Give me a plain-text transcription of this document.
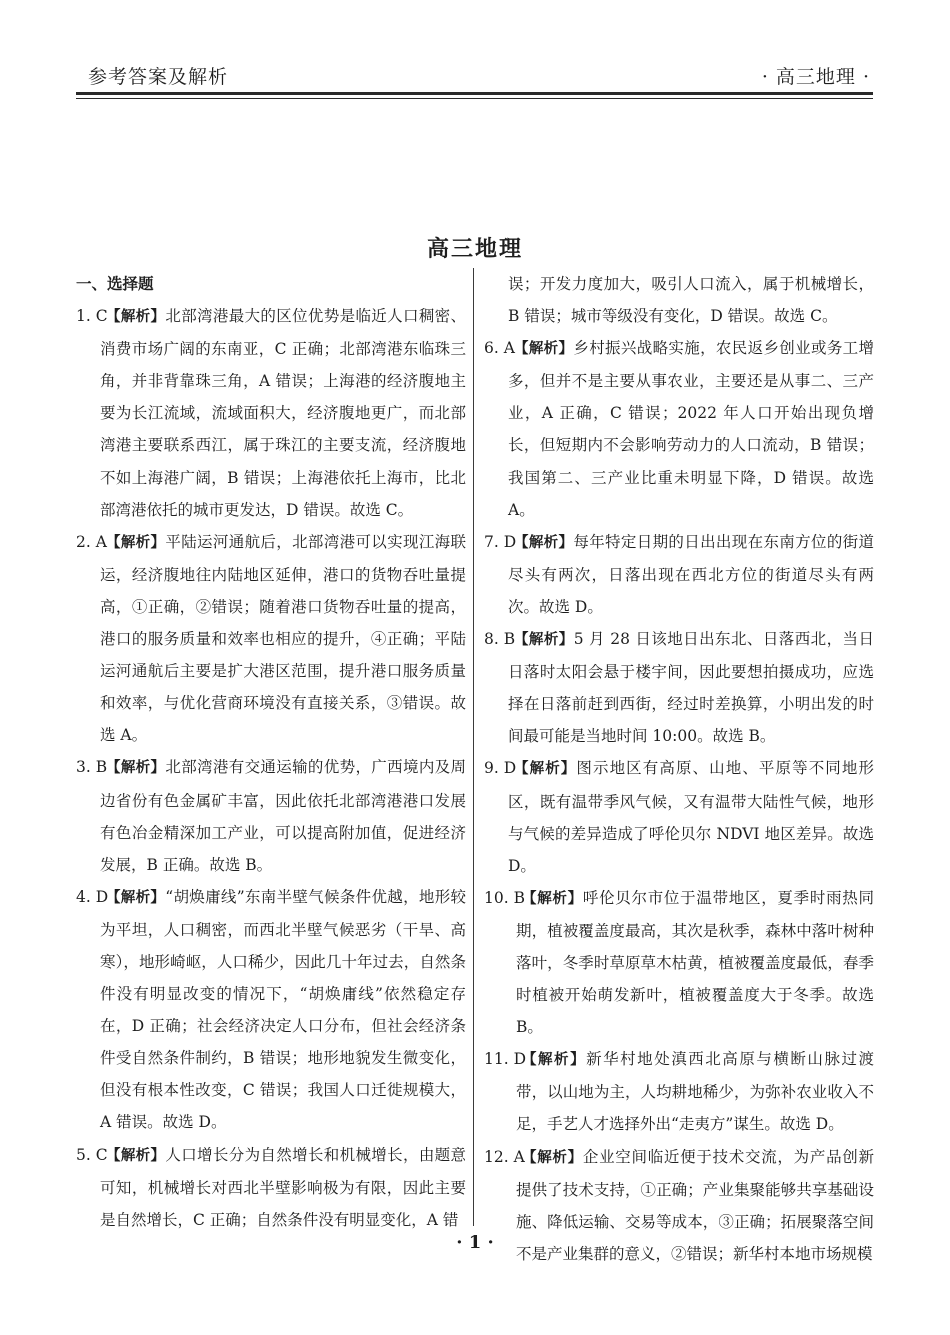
参考答案及解析	· 高三地理 ·
高三地理

一、选择题

1. C
【解析】北部湾港最大的区位优势是临近人口稠密、消费市场广阔的东南亚，C 正确；北部湾港东临珠三角，并非背靠珠三角，A 错误；上海港的经济腹地主要为长江流域，流域面积大，经济腹地更广，而北部湾港主要联系西江，属于珠江的主要支流，经济腹地不如上海港广阔，B 错误；上海港依托上海市，比北部湾港依托的城市更发达，D 错误。故选 C。
2. A 【解析】平陆运河通航后，北部湾港可以实现江海联运，经济腹地往内陆地区延伸，港口的货物吞吐量提高，①正确，②错误；随着港口货物吞吐量的提高，港口的服务质量和效率也相应的提升，④正确；平陆运河通航后主要是扩大港区范围，提升港口服务质量和效率，与优化营商环境没有直接关系，③错误。故选 A。
3. B
【解析】北部湾港有交通运输的优势，广西境内及周边省份有色金属矿丰富，因此依托北部湾港港口发展有色冶金精深加工产业，可以提高附加值，促进经济发展，B 正确。故选 B。
4. D
【解析】“胡焕庸线”东南半壁气候条件优越，地形较为平坦，人口稠密，而西北半壁气候恶劣（干旱、高寒），地形崎岖，人口稀少，因此几十年过去，自然条件没有明显改变的情况下，“胡焕庸线”依然稳定存在，D 正确；社会经济决定人口分布，但社会经济条件受自然条件制约，B 错误；地形地貌发生微变化，但没有根本性改变，C 错误；我国人口迁徙规模大，A 错误。故选 D。
5. C
【解析】人口增长分为自然增长和机械增长，由题意可知，机械增长对西北半壁影响极为有限，因此主要是自然增长，C 正确；自然条件没有明显变化，A 错

误；开发力度加大，吸引人口流入，属于机械增长，B 错误；城市等级没有变化，D 错误。故选 C。

6. A 【解析】乡村振兴战略实施，农民返乡创业或务工增多，但并不是主要从事农业，主要还是从事二、三产业，A 正确，C 错误；2022 年人口开始出现负增长，但短期内不会影响劳动力的人口流动，B 错误；我国第二、三产业比重未明显下降，D 错误。故选 A。
7. D
【解析】每年特定日期的日出出现在东南方位的街道尽头有两次，日落出现在西北方位的街道尽头有两次。故选 D。
8. B
【解析】5 月 28 日该地日出东北、日落西北，当日日落时太阳会悬于楼宇间，因此要想拍摄成功，应选择在日落前赶到西街，经过时差换算，小明出发的时间最可能是当地时间 10:00。故选 B。
9. D
【解析】图示地区有高原、山地、平原等不同地形区，既有温带季风气候，又有温带大陆性气候，地形与气候的差异造成了呼伦贝尔 NDVI 地区差异。故选 D。
10. B
【解析】呼伦贝尔市位于温带地区，夏季时雨热同期，植被覆盖度最高，其次是秋季，森林中落叶树种落叶，冬季时草原草木枯黄，植被覆盖度最低，春季时植被开始萌发新叶，植被覆盖度大于冬季。故选 B。
11. D
【解析】新华村地处滇西北高原与横断山脉过渡带，以山地为主，人均耕地稀少，为弥补农业收入不足，手艺人才选择外出“走夷方”谋生。故选 D。
12. A
【解析】企业空间临近便于技术交流，为产品创新提供了技术支持，①正确；产业集聚能够共享基础设施、降低运输、交易等成本，③正确；拓展聚落空间不是产业集群的意义，②错误；新华村本地市场规模
· 1 ·
